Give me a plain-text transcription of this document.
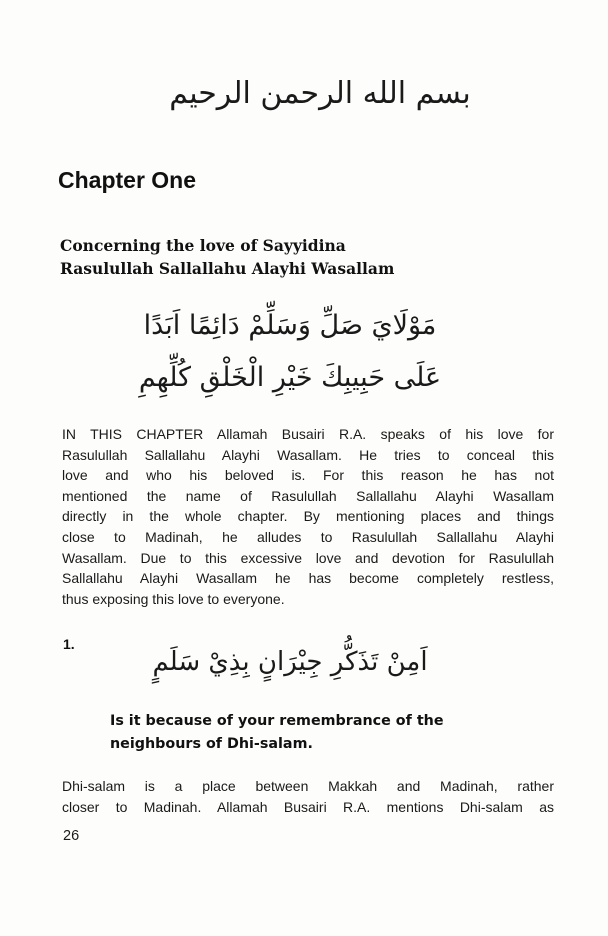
بسم الله الرحمن الرحيم
Chapter One
Concerning the love of Sayyidina
Rasulullah Sallallahu Alayhi Wasallam
مَوْلَايَ صَلِّ وَسَلِّمْ دَائِمًا اَبَدًا
عَلَى حَبِيبِكَ خَيْرِ الْخَلْقِ كُلِّهِمِ
IN THIS CHAPTER Allamah Busairi R.A. speaks of his love for
Rasulullah Sallallahu Alayhi Wasallam. He tries to conceal this
love and who his beloved is. For this reason he has not
mentioned the name of Rasulullah Sallallahu Alayhi Wasallam
directly in the whole chapter. By mentioning places and things
close to Madinah, he alludes to Rasulullah Sallallahu Alayhi
Wasallam. Due to this excessive love and devotion for Rasulullah
Sallallahu Alayhi Wasallam he has become completely restless,
thus exposing this love to everyone.
1.
اَمِنْ تَذَكُّرِ جِيْرَانٍ بِذِيْ سَلَمٍ
Is it because of your remembrance of the
neighbours of Dhi-salam.
Dhi-salam is a place between Makkah and Madinah, rather
closer to Madinah. Allamah Busairi R.A. mentions Dhi-salam as
26
